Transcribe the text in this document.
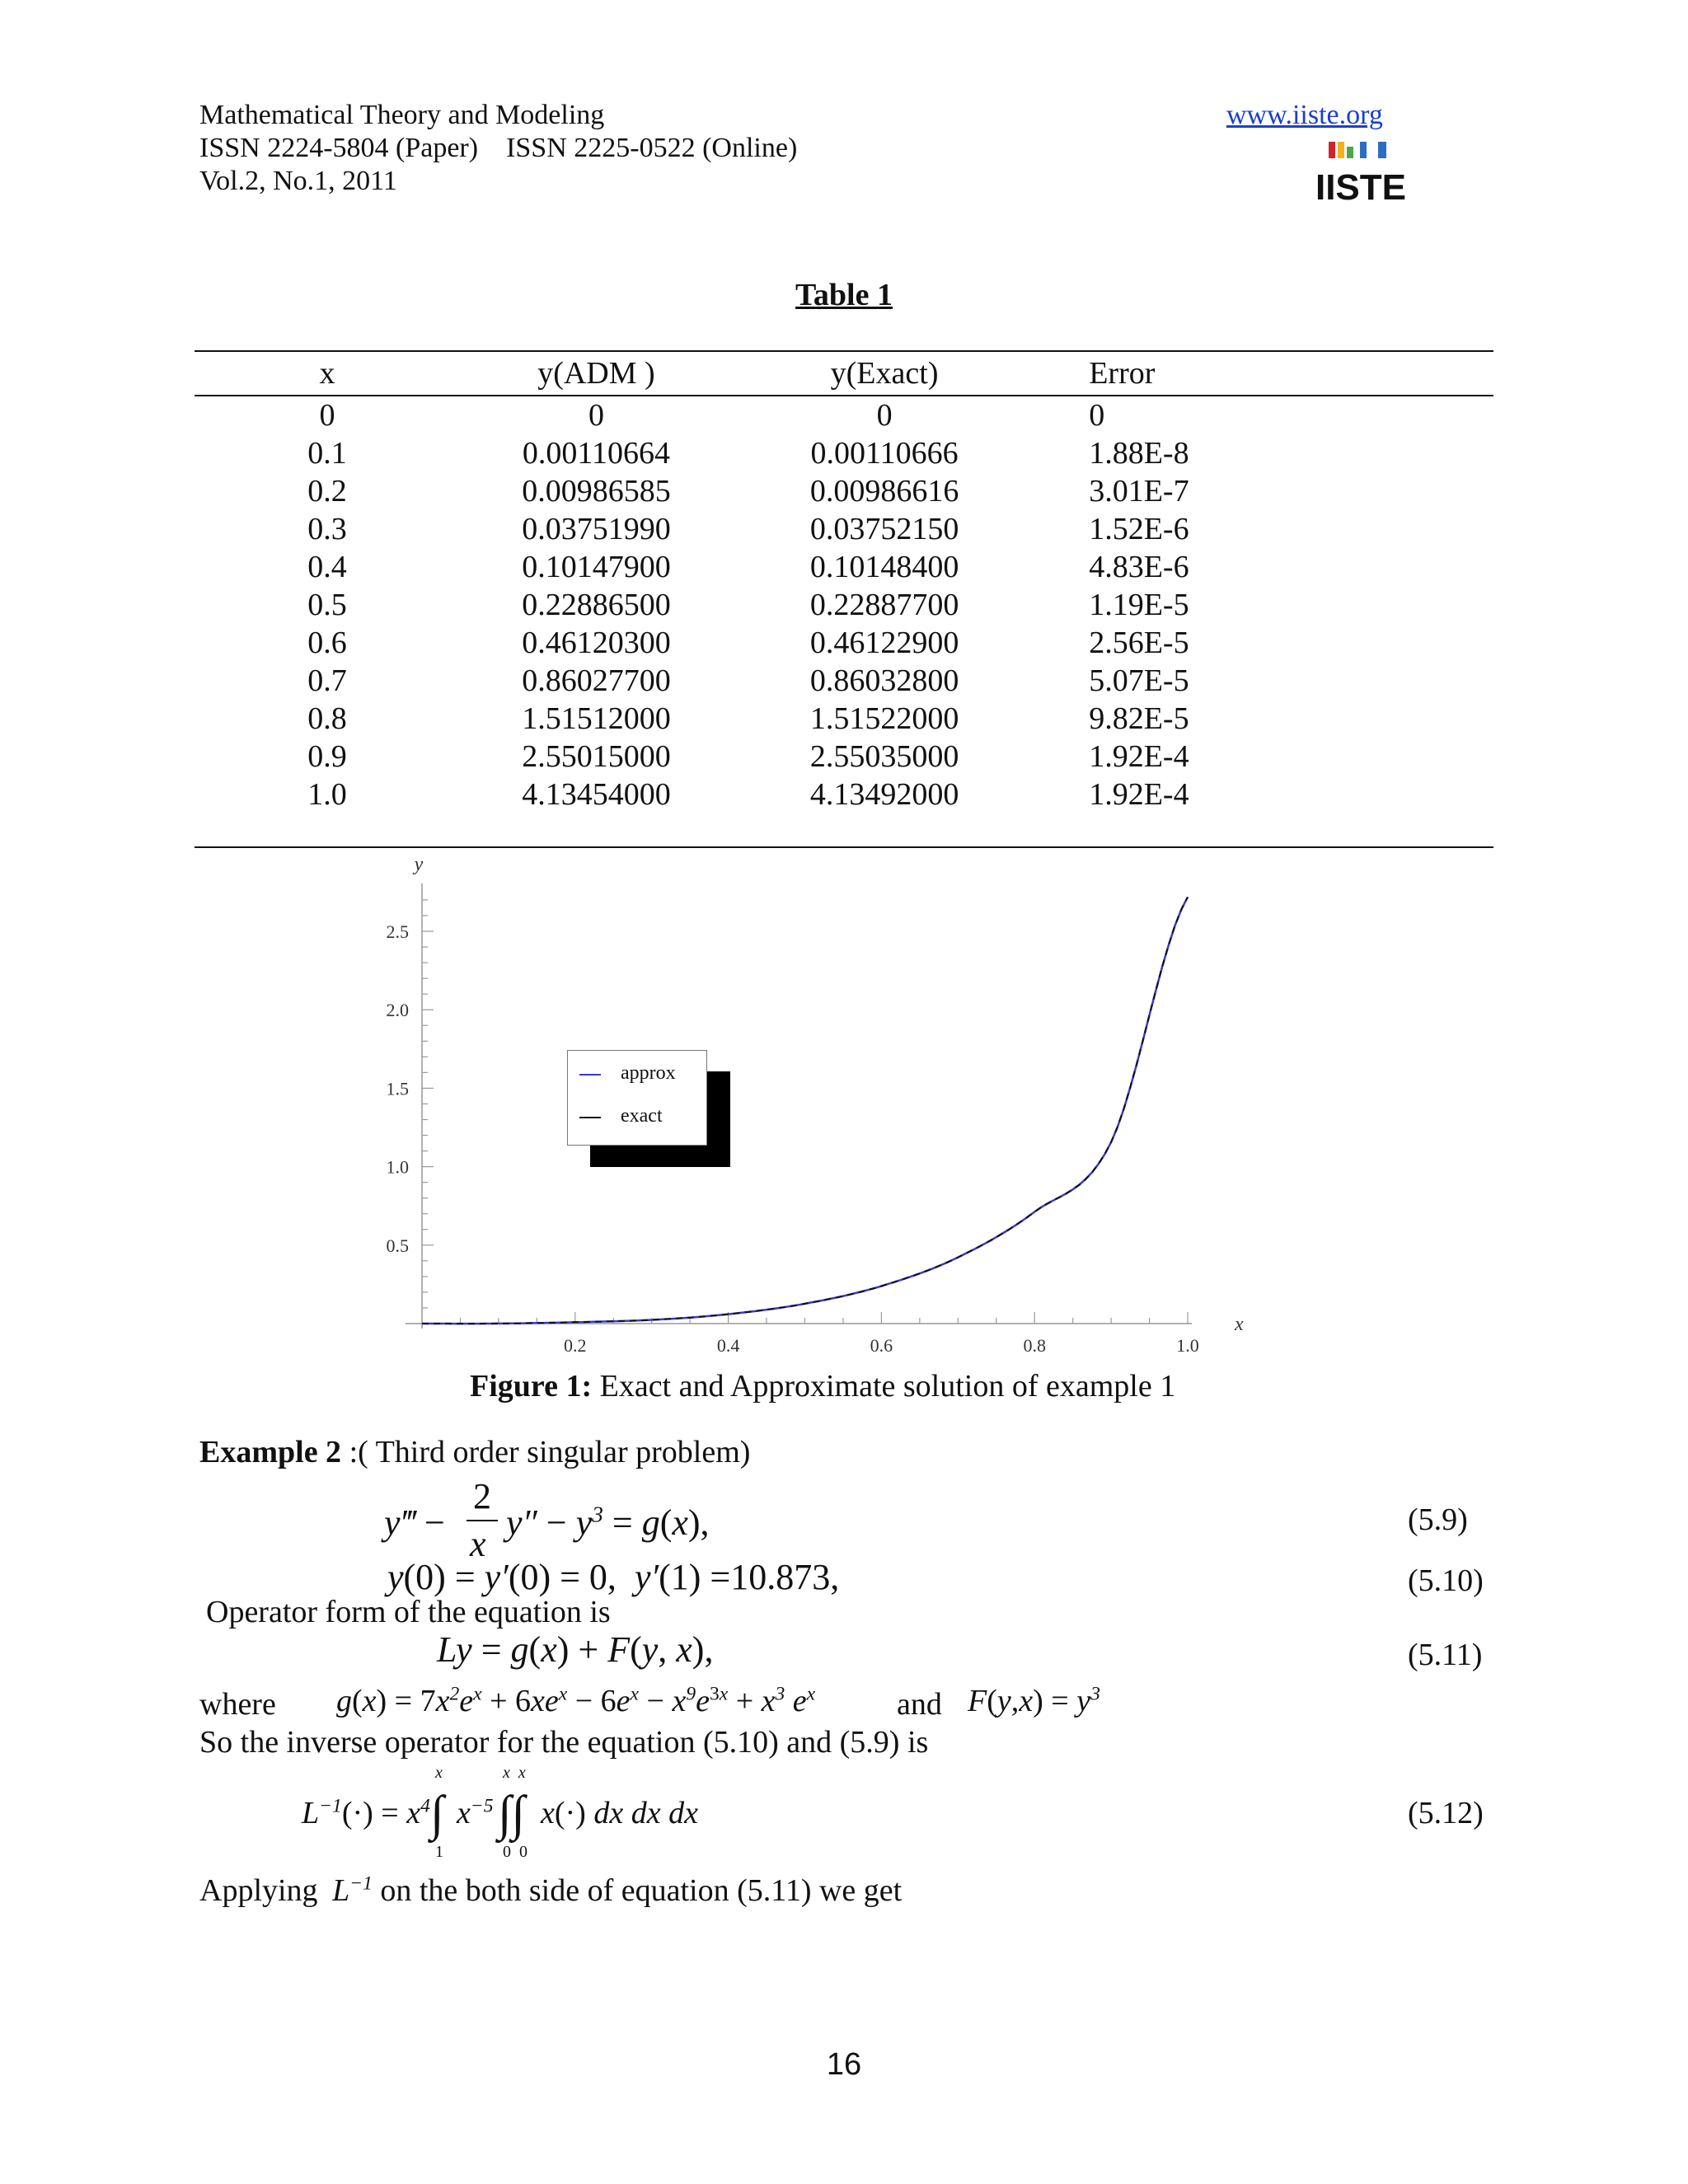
Mathematical Theory and Modeling
ISSN 2224-5804 (Paper)    ISSN 2225-0522 (Online)
Vol.2, No.1, 2011
www.iiste.org
IISTE
Table 1
x	y(ADM )	y(Exact)	Error	
0	0	0	0	
0.1	0.00110664	0.00110666	1.88E-8	
0.2	0.00986585	0.00986616	3.01E-7	
0.3	0.03751990	0.03752150	1.52E-6	
0.4	0.10147900	0.10148400	4.83E-6	
0.5	0.22886500	0.22887700	1.19E-5	
0.6	0.46120300	0.46122900	2.56E-5	
0.7	0.86027700	0.86032800	5.07E-5	
0.8	1.51512000	1.51522000	9.82E-5	
0.9	2.55015000	2.55035000	1.92E-4	
1.0	4.13454000	4.13492000	1.92E-4	
0.2	0.4	0.6	0.8	1.0
0.5
1.0
1.5
2.0
2.5
x
y
approx
exact
Figure 1: Exact and Approximate solution of example 1
Example 2 :( Third order singular problem)
y‴ −
2
x
$y'' - y^3 = g(x)$,	(5.9)
y(0) = y′(0) = 0,  y′(1) =10.873,	(5.10)
Operator form of the equation is
Ly = g(x) + F(y, x),	(5.11)
where $g(x) = 7x^2e^x + 6xe^x - 6e^x - x^9e^{3x} + x^3$ $e^x$	and $F(y,x) = y^3$
So the inverse operator for the equation (5.10) and (5.9) is
$L^{-1}(\cdot) = x^4$
x
∫
1
$x^{-5}$
x  x
∫∫
0  0
x(·) dx dx dx	(5.12)
Applying $L^{-1}$ on the both side of equation (5.11) we get
16
